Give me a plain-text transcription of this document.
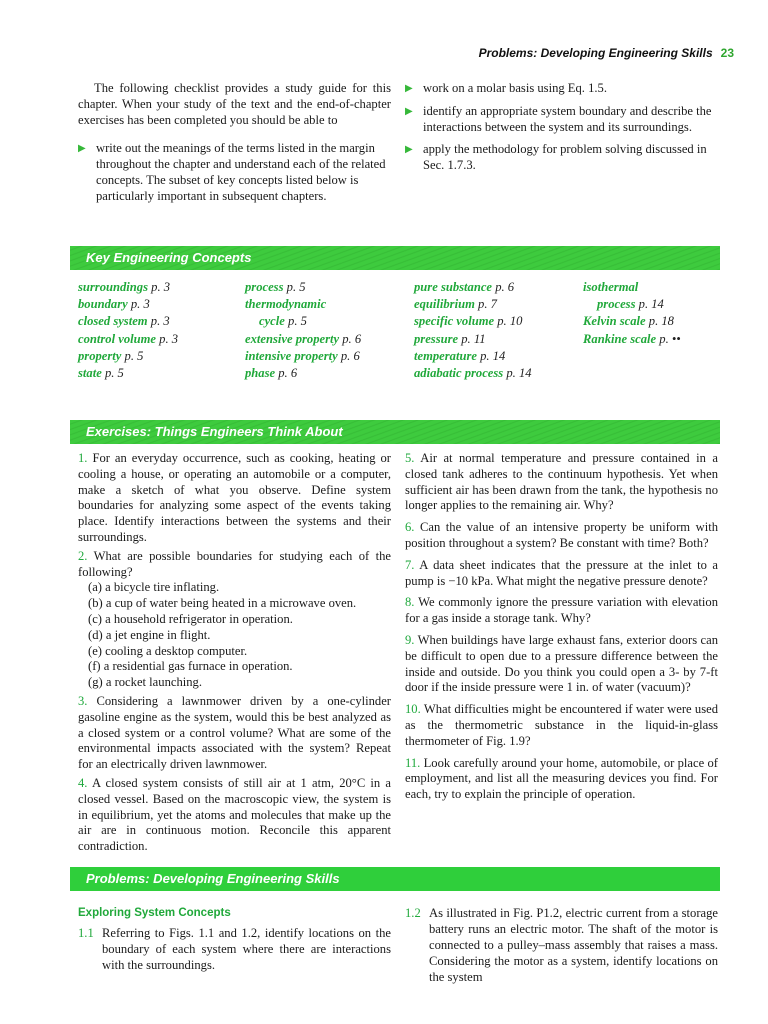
Problems: Developing Engineering Skills 23

The following checklist provides a study guide for this chapter. When your study of the text and the end-of-chapter exercises has been completed you should be able to

▶ write out the meanings of the terms listed in the margin throughout the chapter and understand each of the related concepts. The subset of key concepts listed below is particularly important in subsequent chapters.
▶ work on a molar basis using Eq. 1.5.
▶ identify an appropriate system boundary and describe the interactions between the system and its surroundings.
▶ apply the methodology for problem solving discussed in Sec. 1.7.3.
Key Engineering Concepts
surroundings p. 3
boundary p. 3
closed system p. 3
control volume p. 3
property p. 5
state p. 5
process p. 5
thermodynamic
cycle p. 5
extensive property p. 6
intensive property p. 6
phase p. 6
pure substance p. 6
equilibrium p. 7
specific volume p. 10
pressure p. 11
temperature p. 14
adiabatic process p. 14
isothermal
process p. 14
Kelvin scale p. 18
Rankine scale p. ••
Exercises: Things Engineers Think About
1. For an everyday occurrence, such as cooking, heating or cooling a house, or operating an automobile or a computer, make a sketch of what you observe. Define system boundaries for analyzing some aspect of the events taking place. Identify interactions between the systems and their surroundings.
2. What are possible boundaries for studying each of the following?
(a) a bicycle tire inflating.
(b) a cup of water being heated in a microwave oven.
(c) a household refrigerator in operation.
(d) a jet engine in flight.
(e) cooling a desktop computer.
(f) a residential gas furnace in operation.
(g) a rocket launching.
3. Considering a lawnmower driven by a one-cylinder gasoline engine as the system, would this be best analyzed as a closed system or a control volume? What are some of the environmental impacts associated with the system? Repeat for an electrically driven lawnmower.
4. A closed system consists of still air at 1 atm, 20°C in a closed vessel. Based on the macroscopic view, the system is in equilibrium, yet the atoms and molecules that make up the air are in continuous motion. Reconcile this apparent contradiction.
5. Air at normal temperature and pressure contained in a closed tank adheres to the continuum hypothesis. Yet when sufficient air has been drawn from the tank, the hypothesis no longer applies to the remaining air. Why?
6. Can the value of an intensive property be uniform with position throughout a system? Be constant with time? Both?
7. A data sheet indicates that the pressure at the inlet to a pump is −10 kPa. What might the negative pressure denote?
8. We commonly ignore the pressure variation with elevation for a gas inside a storage tank. Why?
9. When buildings have large exhaust fans, exterior doors can be difficult to open due to a pressure difference between the inside and outside. Do you think you could open a 3- by 7-ft door if the inside pressure were 1 in. of water (vacuum)?
10. What difficulties might be encountered if water were used as the thermometric substance in the liquid-in-glass thermometer of Fig. 1.9?
11. Look carefully around your home, automobile, or place of employment, and list all the measuring devices you find. For each, try to explain the principle of operation.
Problems: Developing Engineering Skills
Exploring System Concepts
1.1 Referring to Figs. 1.1 and 1.2, identify locations on the boundary of each system where there are interactions with the surroundings.
1.2 As illustrated in Fig. P1.2, electric current from a storage battery runs an electric motor. The shaft of the motor is connected to a pulley–mass assembly that raises a mass. Considering the motor as a system, identify locations on the system
